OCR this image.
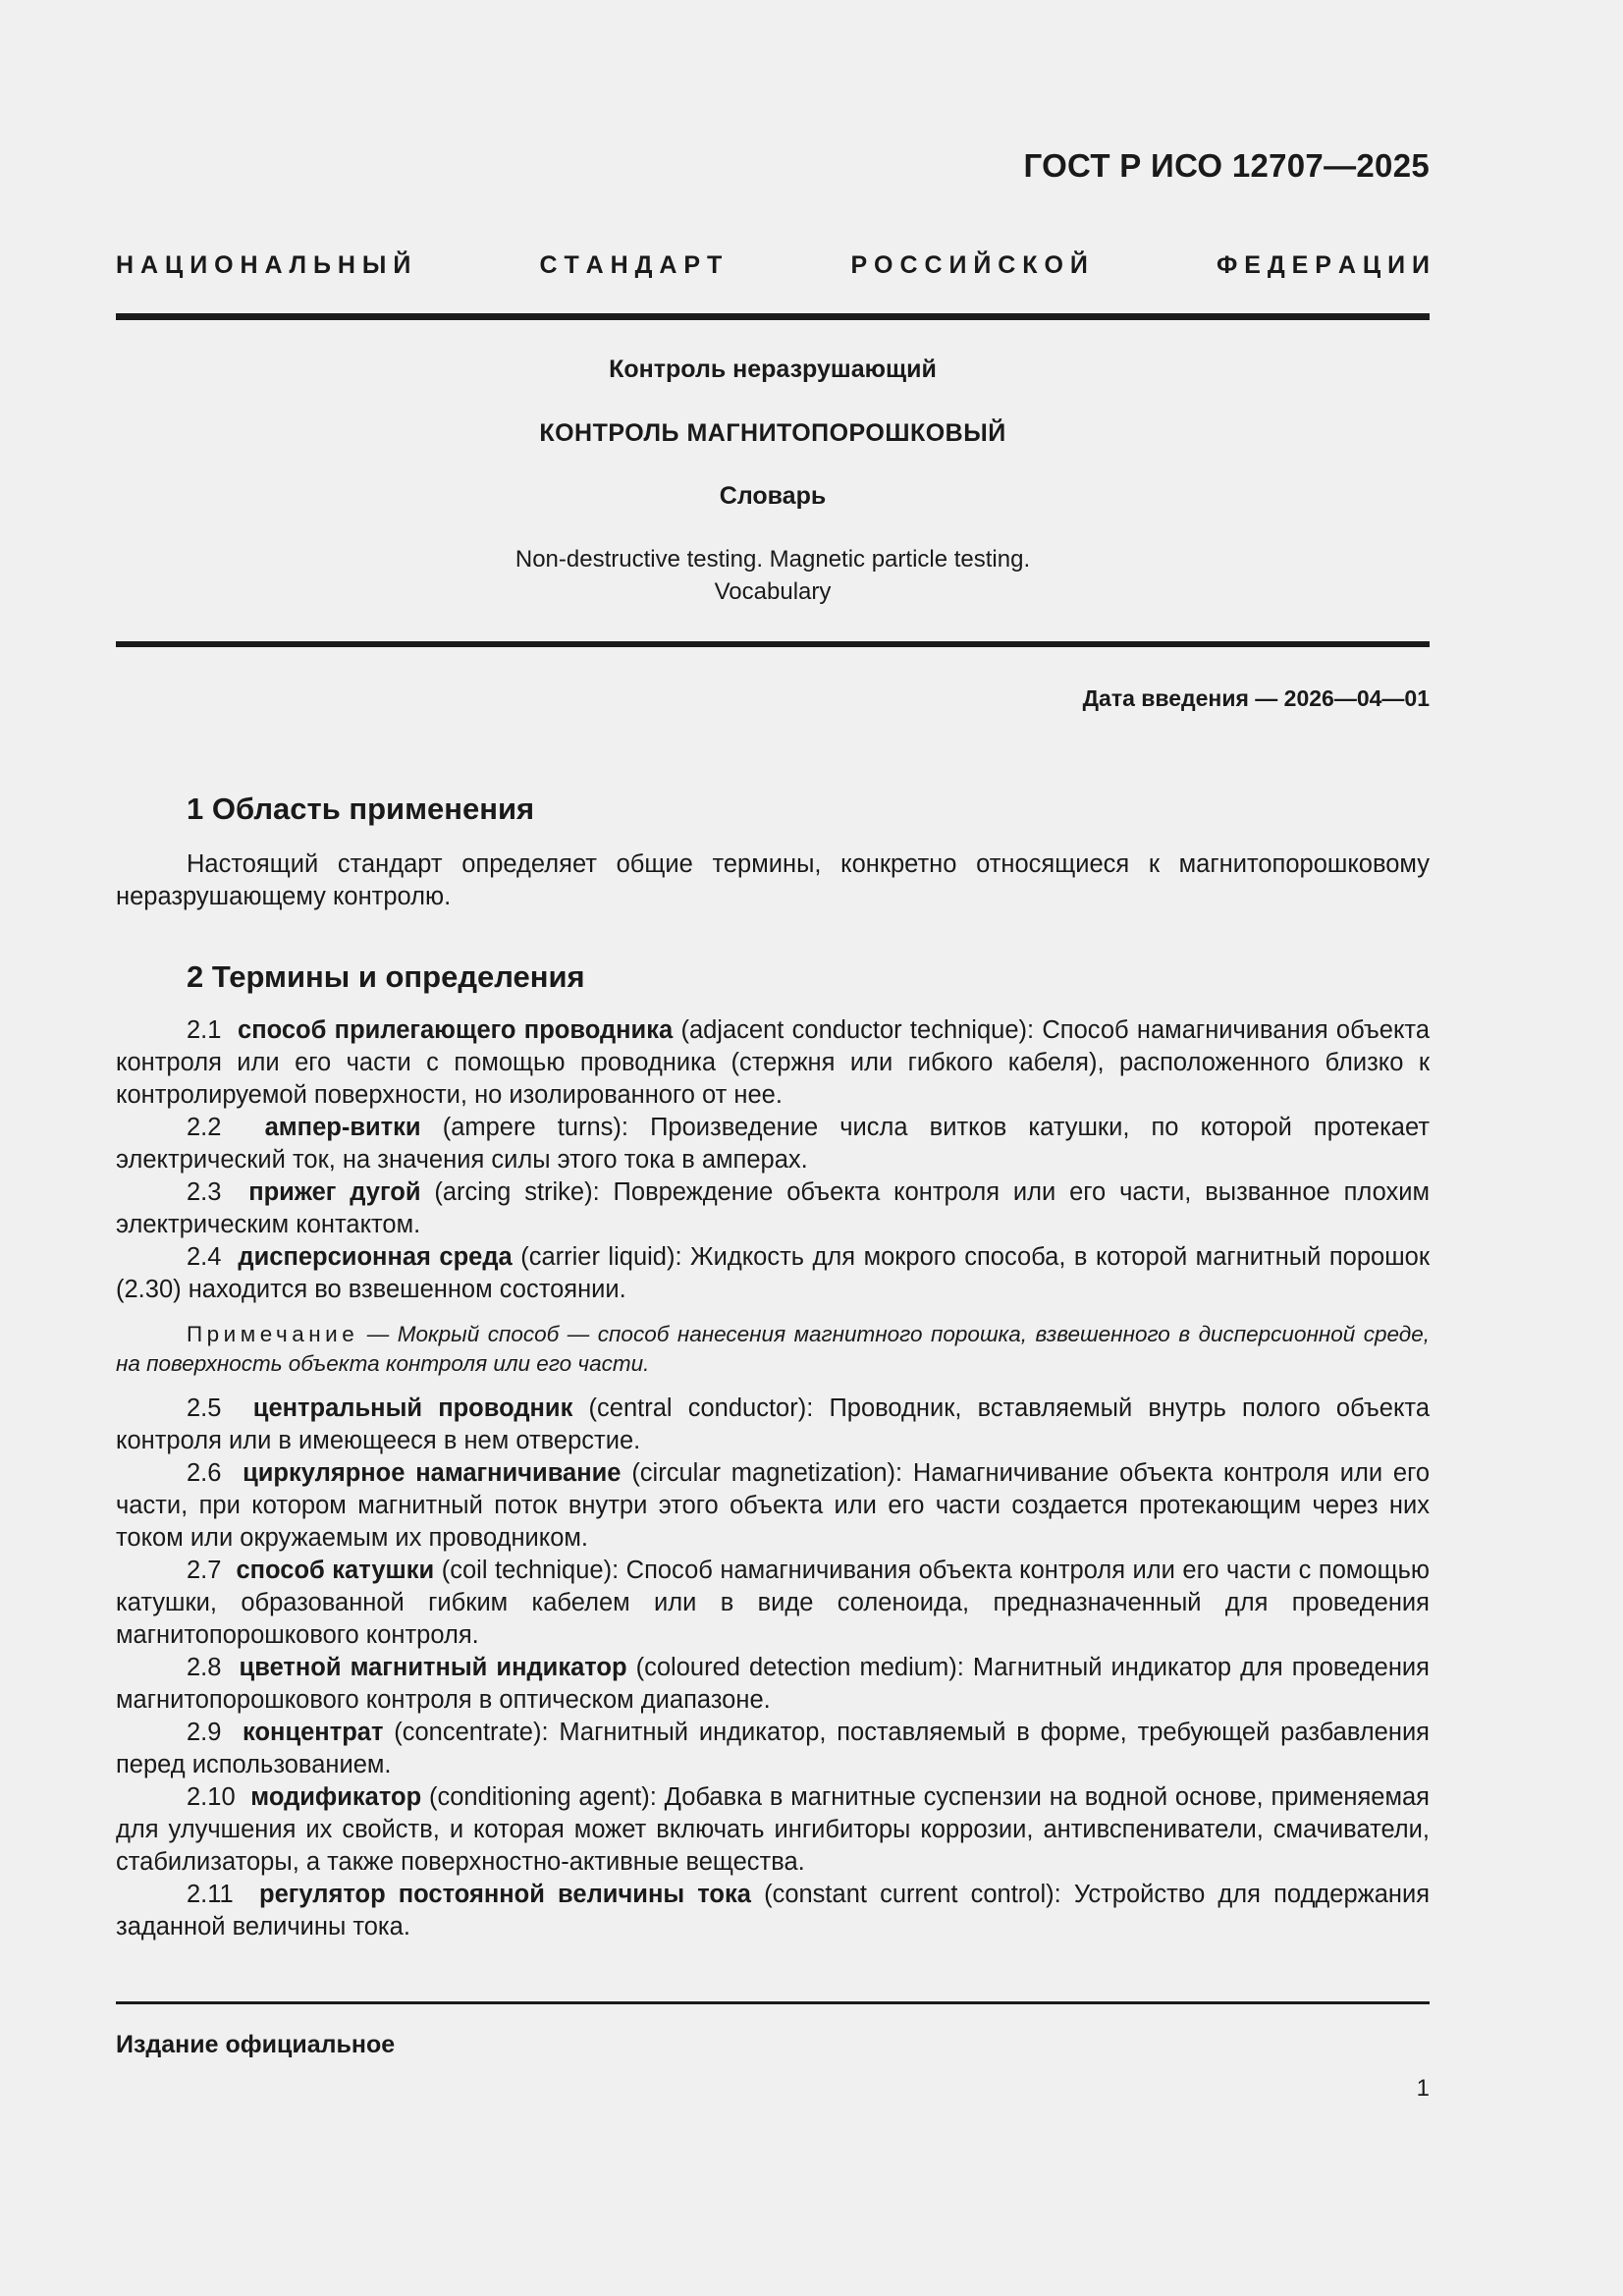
ГОСТ Р ИСО 12707—2025
Н А Ц И О Н А Л Ь Н Ы Й	С Т А Н Д А Р Т	Р О С С И Й С К О Й	Ф Е Д Е Р А Ц И И
Контроль неразрушающий
КОНТРОЛЬ МАГНИТОПОРОШКОВЫЙ
Словарь
Non-destructive testing. Magnetic particle testing.
Vocabulary
Дата введения — 2026—04—01
1 Область применения

Настоящий стандарт определяет общие термины, конкретно относящиеся к магнитопорошковому неразрушающему контролю.

2 Термины и определения

2.1 способ прилегающего проводника (adjacent conductor technique): Способ намагничивания объекта контроля или его части с помощью проводника (стержня или гибкого кабеля), расположенного близко к контролируемой поверхности, но изолированного от нее.

2.2 ампер-витки (ampere turns): Произведение числа витков катушки, по которой протекает электрический ток, на значения силы этого тока в амперах.

2.3 прижег дугой (arcing strike): Повреждение объекта контроля или его части, вызванное плохим электрическим контактом.

2.4 дисперсионная среда (carrier liquid): Жидкость для мокрого способа, в которой магнитный порошок (2.30) находится во взвешенном состоянии.

Примечание — Мокрый способ — способ нанесения магнитного порошка, взвешенного в дисперсионной среде, на поверхность объекта контроля или его части.

2.5 центральный проводник (central conductor): Проводник, вставляемый внутрь полого объекта контроля или в имеющееся в нем отверстие.

2.6 циркулярное намагничивание (circular magnetization): Намагничивание объекта контроля или его части, при котором магнитный поток внутри этого объекта или его части создается протекающим через них током или окружаемым их проводником.

2.7 способ катушки (coil technique): Способ намагничивания объекта контроля или его части с помощью катушки, образованной гибким кабелем или в виде соленоида, предназначенный для проведения магнитопорошкового контроля.

2.8 цветной магнитный индикатор (coloured detection medium): Магнитный индикатор для проведения магнитопорошкового контроля в оптическом диапазоне.

2.9 концентрат (concentrate): Магнитный индикатор, поставляемый в форме, требующей разбавления перед использованием.

2.10 модификатор (conditioning agent): Добавка в магнитные суспензии на водной основе, применяемая для улучшения их свойств, и которая может включать ингибиторы коррозии, антивспениватели, смачиватели, стабилизаторы, а также поверхностно-активные вещества.

2.11 регулятор постоянной величины тока (constant current control): Устройство для поддержания заданной величины тока.

Издание официальное
1
